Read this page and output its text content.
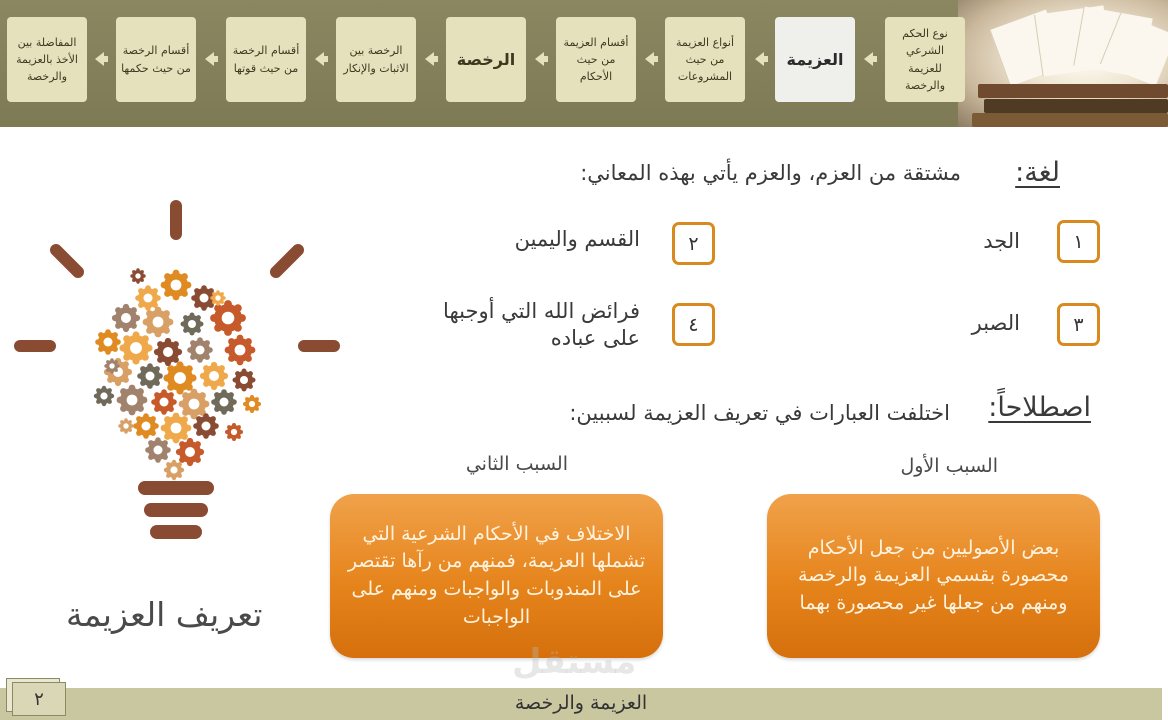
نوع الحكم الشرعي للعزيمة والرخصة
العزيمة
أنواع العزيمة من حيث المشروعات
أقسام العزيمة من حيث الأحكام
الرخصة
الرخصة بين الاثبات والإنكار
أقسام الرخصة من حيث قوتها
أقسام الرخصة من حيث حكمها
المفاضلة بين الأخذ بالعزيمة والرخصة
لغة:
مشتقة من العزم، والعزم يأتي بهذه المعاني:
١
الجد
٢
القسم واليمين
٣
الصبر
٤
فرائض الله التي أوجبها على عباده
اصطلاحاً:
اختلفت العبارات في تعريف العزيمة لسببين:
السبب الأول
بعض الأصوليين من جعل الأحكام محصورة بقسمي العزيمة والرخصة ومنهم من جعلها غير محصورة بهما
السبب الثاني
الاختلاف في الأحكام الشرعية التي تشملها العزيمة، فمنهم من رآها تقتصر على المندوبات والواجبات ومنهم على الواجبات
تعريف العزيمة
مستقل
العزيمة والرخصة
٢
